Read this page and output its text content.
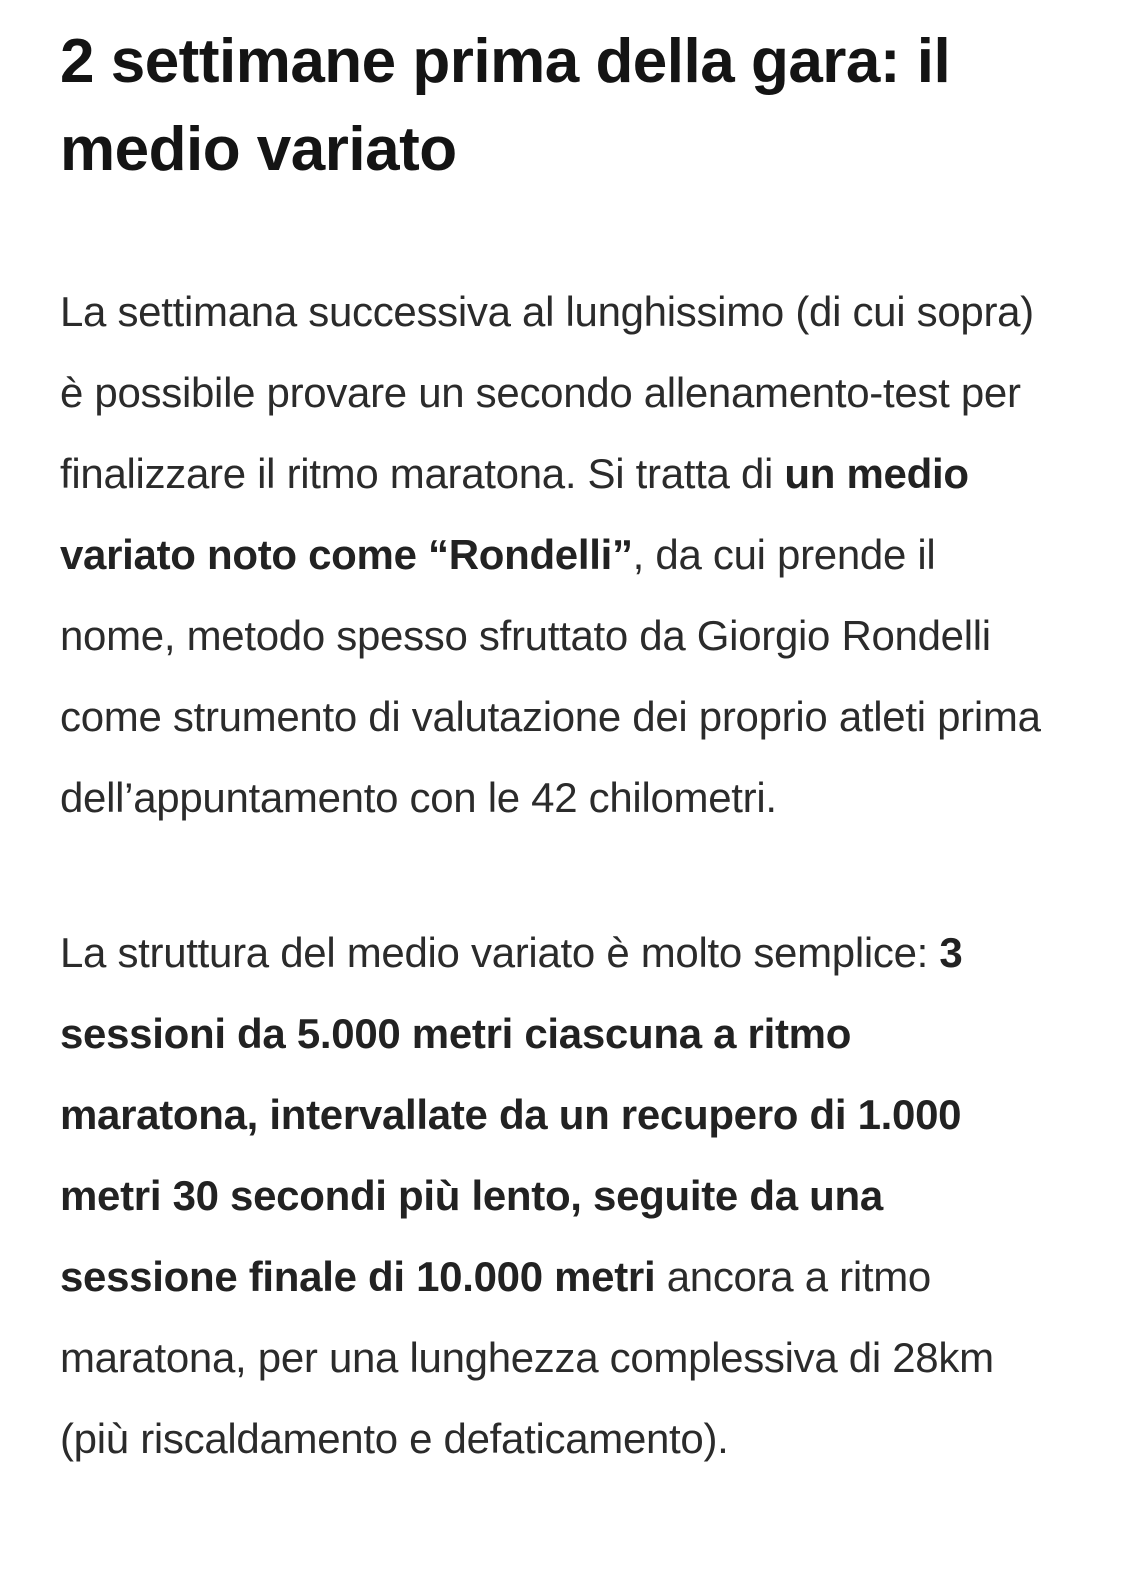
2 settimane prima della gara: il medio variato

La settimana successiva al lunghissimo (di cui sopra) è possibile provare un secondo allenamento-test per finalizzare il ritmo maratona. Si tratta di un medio variato noto come “Rondelli”, da cui prende il nome, metodo spesso sfruttato da Giorgio Rondelli come strumento di valutazione dei proprio atleti prima dell’appuntamento con le 42 chilometri.

La struttura del medio variato è molto semplice: 3 sessioni da 5.000 metri ciascuna a ritmo maratona, intervallate da un recupero di 1.000 metri 30 secondi più lento, seguite da una sessione finale di 10.000 metri ancora a ritmo maratona, per una lunghezza complessiva di 28km (più riscaldamento e defaticamento).
